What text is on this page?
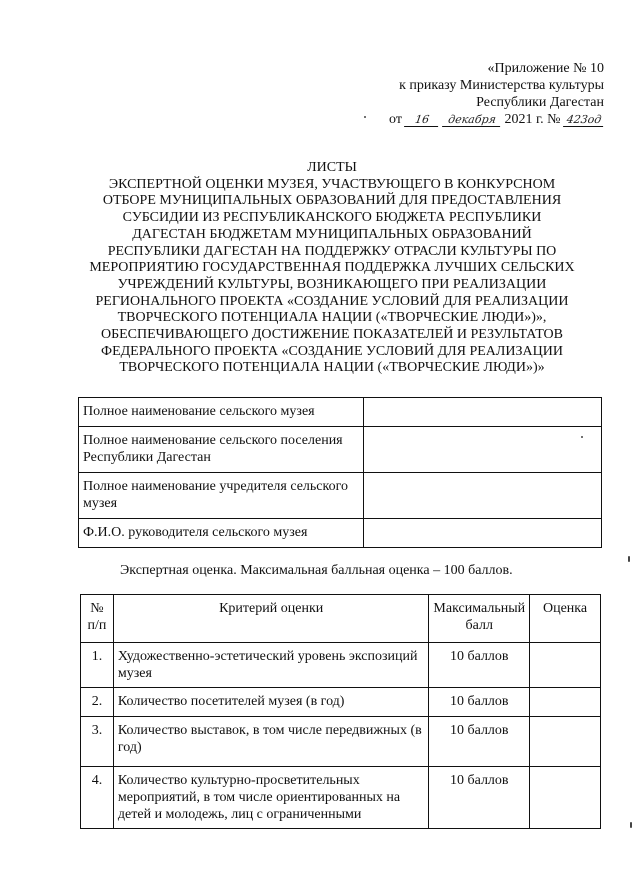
«Приложение № 10
к приказу Министерства культуры
Республики Дагестан
от 16 декабря 2021 г. № 423од
ЛИСТЫ
ЭКСПЕРТНОЙ ОЦЕНКИ МУЗЕЯ, УЧАСТВУЮЩЕГО В КОНКУРСНОМ
ОТБОРЕ МУНИЦИПАЛЬНЫХ ОБРАЗОВАНИЙ ДЛЯ ПРЕДОСТАВЛЕНИЯ
СУБСИДИИ ИЗ РЕСПУБЛИКАНСКОГО БЮДЖЕТА РЕСПУБЛИКИ
ДАГЕСТАН БЮДЖЕТАМ МУНИЦИПАЛЬНЫХ ОБРАЗОВАНИЙ
РЕСПУБЛИКИ ДАГЕСТАН НА ПОДДЕРЖКУ ОТРАСЛИ КУЛЬТУРЫ ПО
МЕРОПРИЯТИЮ ГОСУДАРСТВЕННАЯ ПОДДЕРЖКА ЛУЧШИХ СЕЛЬСКИХ
УЧРЕЖДЕНИЙ КУЛЬТУРЫ, ВОЗНИКАЮЩЕГО ПРИ РЕАЛИЗАЦИИ
РЕГИОНАЛЬНОГО ПРОЕКТА «СОЗДАНИЕ УСЛОВИЙ ДЛЯ РЕАЛИЗАЦИИ
ТВОРЧЕСКОГО ПОТЕНЦИАЛА НАЦИИ («ТВОРЧЕСКИЕ ЛЮДИ»)»,
ОБЕСПЕЧИВАЮЩЕГО ДОСТИЖЕНИЕ ПОКАЗАТЕЛЕЙ И РЕЗУЛЬТАТОВ
ФЕДЕРАЛЬНОГО ПРОЕКТА «СОЗДАНИЕ УСЛОВИЙ ДЛЯ РЕАЛИЗАЦИИ
ТВОРЧЕСКОГО ПОТЕНЦИАЛА НАЦИИ («ТВОРЧЕСКИЕ ЛЮДИ»)»
Полное наименование сельского музея	
Полное наименование сельского поселения Республики Дагестан	
Полное наименование учредителя сельского музея	
Ф.И.О. руководителя сельского музея	
Экспертная оценка. Максимальная балльная оценка – 100 баллов.
№ п/п	Критерий оценки	Максимальный балл	Оценка
1.	Художественно-эстетический уровень экспозиций музея	10 баллов	
2.	Количество посетителей музея (в год)	10 баллов	
3.	Количество выставок, в том числе передвижных (в год)	10 баллов	
4.	Количество культурно-просветительных мероприятий, в том числе ориентированных на детей и молодежь, лиц с ограниченными	10 баллов	
